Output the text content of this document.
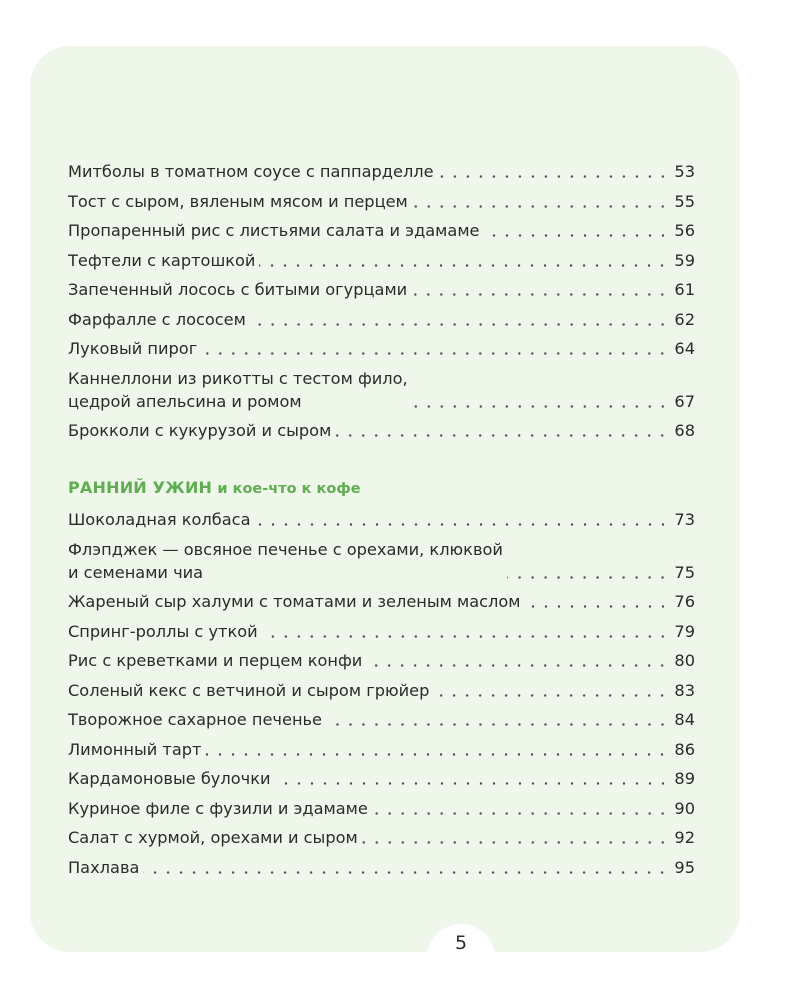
Митболы в томатном соусе с паппарделле	53
Тост с сыром, вяленым мясом и перцем	55
Пропаренный рис с листьями салата и эдамаме	56
Тефтели с картошкой	59
Запеченный лосось с битыми огурцами	61
Фарфалле с лососем	62
Луковый пирог	64
Каннеллони из рикотты с тестом фило,
цедрой апельсина и ромом	67
Брокколи с кукурузой и сыром	68
РАННИЙ УЖИН и кое-что к кофе
Шоколадная колбаса	73
Флэпджек — овсяное печенье с орехами, клюквой
и семенами чиа	75
Жареный сыр халуми с томатами и зеленым маслом	76
Спринг-роллы с уткой	79
Рис с креветками и перцем конфи	80
Соленый кекс с ветчиной и сыром грюйер	83
Творожное сахарное печенье	84
Лимонный тарт	86
Кардамоновые булочки	89
Куриное филе с фузили и эдамаме	90
Салат с хурмой, орехами и сыром	92
Пахлава	95
5
